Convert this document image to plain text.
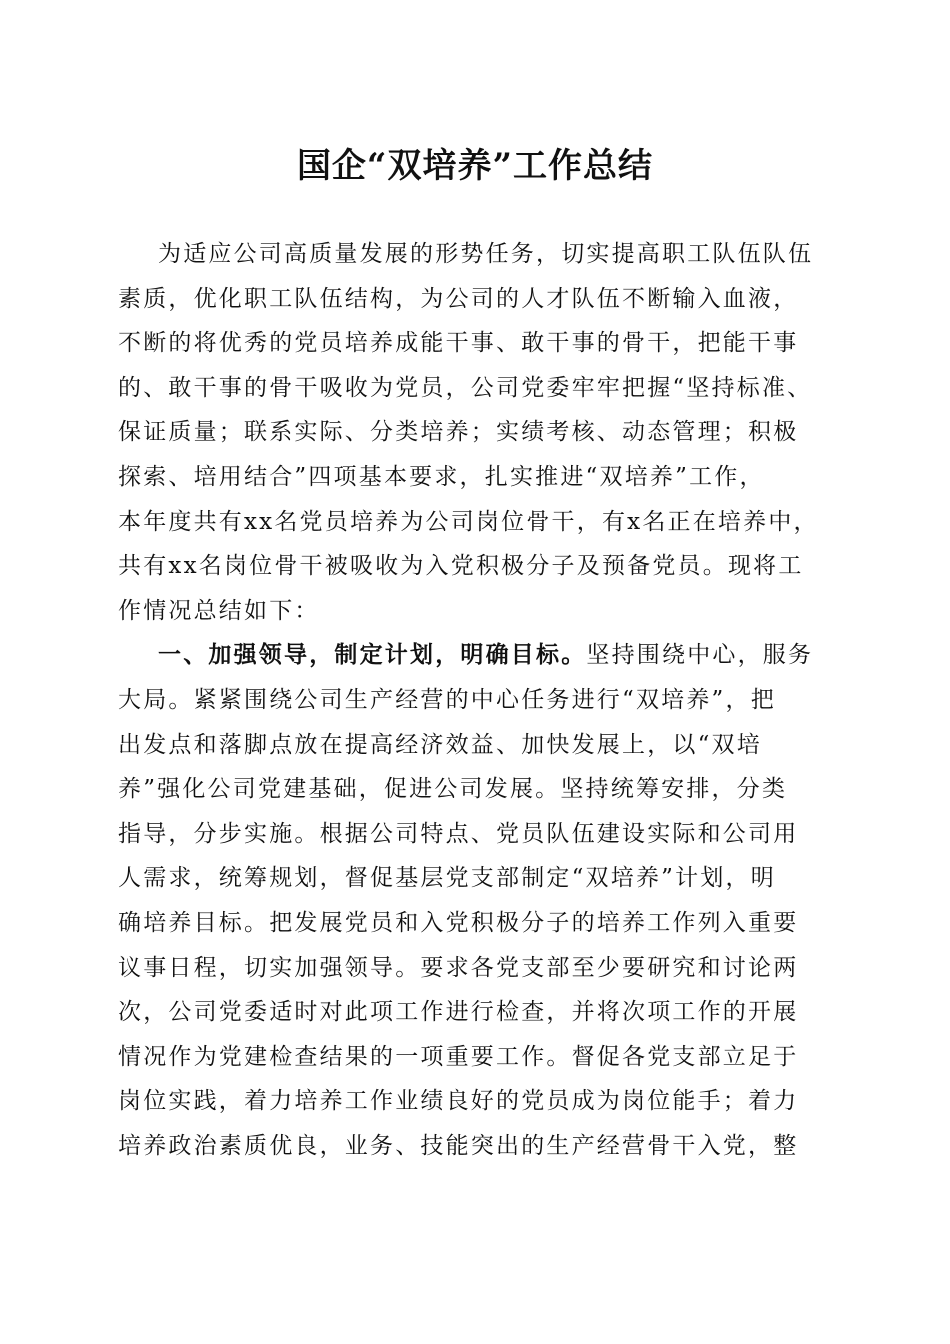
国企“双培养”工作总结
为适应公司高质量发展的形势任务，切实提高职工队伍队伍
素质，优化职工队伍结构，为公司的人才队伍不断输入血液，
不断的将优秀的党员培养成能干事、敢干事的骨干，把能干事
的、敢干事的骨干吸收为党员，公司党委牢牢把握“坚持标准、
保证质量；联系实际、分类培养；实绩考核、动态管理；积极
探索、培用结合”四项基本要求，扎实推进“双培养”工作，
本年度共有xx名党员培养为公司岗位骨干，有x名正在培养中，
共有xx名岗位骨干被吸收为入党积极分子及预备党员。现将工
作情况总结如下：
一、加强领导，制定计划，明确目标。坚持围绕中心，服务
大局。紧紧围绕公司生产经营的中心任务进行“双培养”，把
出发点和落脚点放在提高经济效益、加快发展上，以“双培
养”强化公司党建基础，促进公司发展。坚持统筹安排，分类
指导，分步实施。根据公司特点、党员队伍建设实际和公司用
人需求，统筹规划，督促基层党支部制定“双培养”计划，明
确培养目标。把发展党员和入党积极分子的培养工作列入重要
议事日程，切实加强领导。要求各党支部至少要研究和讨论两
次，公司党委适时对此项工作进行检查，并将次项工作的开展
情况作为党建检查结果的一项重要工作。督促各党支部立足于
岗位实践，着力培养工作业绩良好的党员成为岗位能手；着力
培养政治素质优良，业务、技能突出的生产经营骨干入党，整
